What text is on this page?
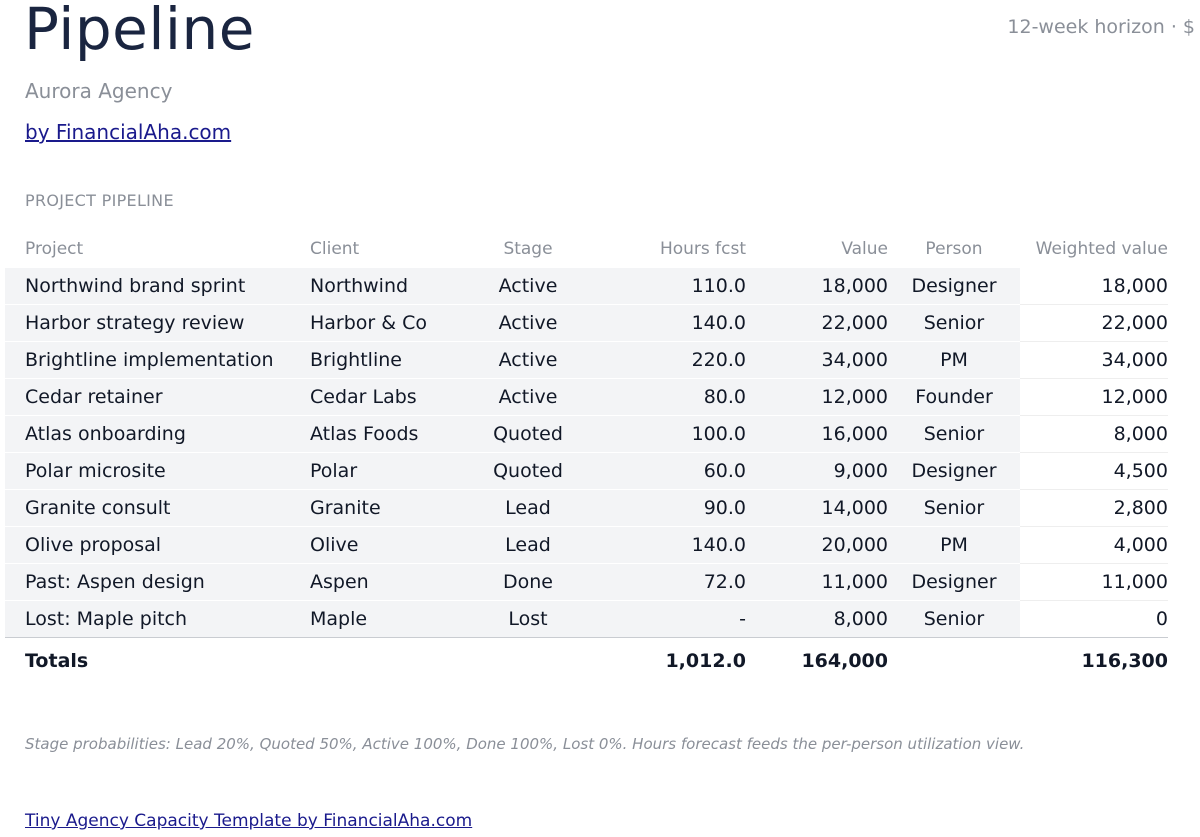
Pipeline	12-week horizon · $
Aurora Agency
by FinancialAha.com
PROJECT PIPELINE
Project	Client	Stage	Hours fcst	Value	Person	Weighted value
Northwind brand sprint	Northwind	Active	110.0	18,000	Designer	18,000
Harbor strategy review	Harbor & Co	Active	140.0	22,000	Senior	22,000
Brightline implementation	Brightline	Active	220.0	34,000	PM	34,000
Cedar retainer	Cedar Labs	Active	80.0	12,000	Founder	12,000
Atlas onboarding	Atlas Foods	Quoted	100.0	16,000	Senior	8,000
Polar microsite	Polar	Quoted	60.0	9,000	Designer	4,500
Granite consult	Granite	Lead	90.0	14,000	Senior	2,800
Olive proposal	Olive	Lead	140.0	20,000	PM	4,000
Past: Aspen design	Aspen	Done	72.0	11,000	Designer	11,000
Lost: Maple pitch	Maple	Lost	-	8,000	Senior	0
Totals			1,012.0	164,000		116,300
Stage probabilities: Lead 20%, Quoted 50%, Active 100%, Done 100%, Lost 0%. Hours forecast feeds the per-person utilization view.
Tiny Agency Capacity Template by FinancialAha.com
